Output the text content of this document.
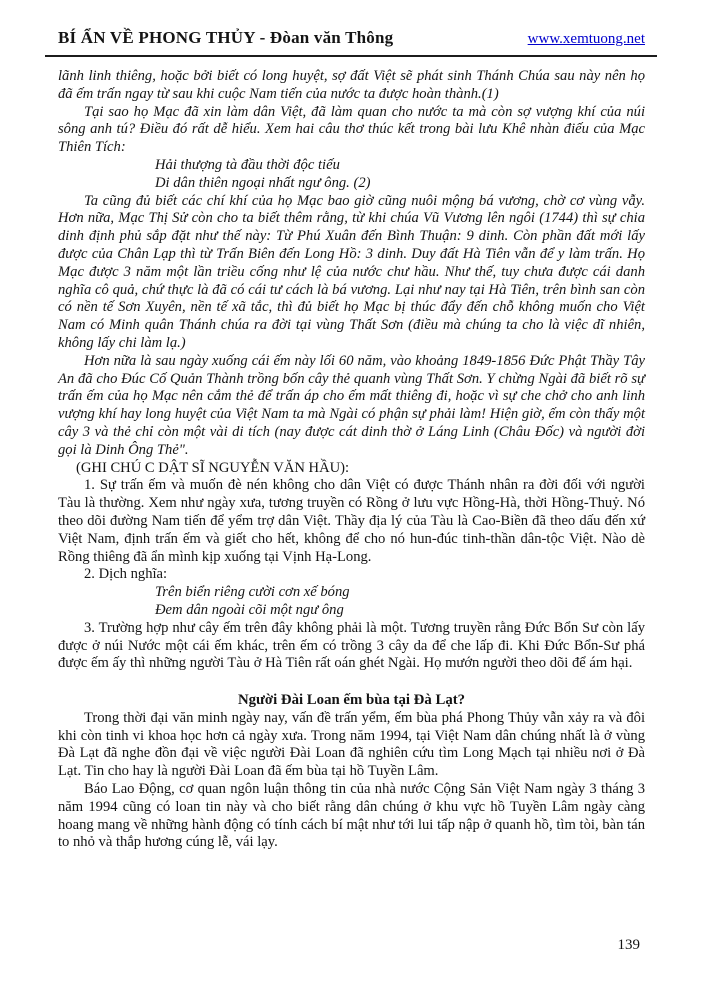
BÍ ẨN VỀ PHONG THỦY - Đòan văn Thông	www.xemtuong.net

lãnh linh thiêng, hoặc bởi biết có long huyệt, sợ đất Việt sẽ phát sinh Thánh Chúa sau này nên họ đã ếm trấn ngay từ sau khi cuộc Nam tiến của nước ta được hoàn thành.(1)

Tại sao họ Mạc đã xin làm dân Việt, đã làm quan cho nước ta mà còn sợ vượng khí của núi sông anh tú? Điều đó rất dễ hiểu. Xem hai câu thơ thúc kết trong bài lưu Khê nhàn điếu của Mạc Thiên Tích:

Hải thượng tà đầu thời độc tiếu
Di dân thiên ngoại nhất ngư ông. (2)

Ta cũng đủ biết các chí khí của họ Mạc bao giờ cũng nuôi mộng bá vương, chờ cơ vùng vẫy. Hơn nữa, Mạc Thị Sử còn cho ta biết thêm rằng, từ khi chúa Vũ Vương lên ngôi (1744) thì sự chia dinh định phủ sắp đặt như thế này: Từ Phú Xuân đến Bình Thuận: 9 dinh. Còn phần đất mới lấy được của Chân Lạp thì từ Trấn Biên đến Long Hồ: 3 dinh. Duy đất Hà Tiên vẫn để y làm trấn. Họ Mạc được 3 năm một lần triều cống như lệ của nước chư hầu. Như thế, tuy chưa được cái danh nghĩa cô quả, chứ thực là đã có cái tư cách là bá vương. Lại như nay tại Hà Tiên, trên bình san còn có nền tế Sơn Xuyên, nền tế xã tắc, thì đủ biết họ Mạc bị thúc đẩy đến chỗ không muốn cho Việt Nam có Minh quân Thánh chúa ra đời tại vùng Thất Sơn (điều mà chúng ta cho là việc dĩ nhiên, không lấy chi làm lạ.)

Hơn nữa là sau ngày xuống cái ếm này lối 60 năm, vào khoảng 1849-1856 Đức Phật Thầy Tây An đã cho Đúc Cố Quản Thành trồng bốn cây thẻ quanh vùng Thất Sơn. Y chừng Ngài đã biết rõ sự trấn ếm của họ Mạc nên cắm thẻ để trấn áp cho ếm mất thiêng đi, hoặc vì sự che chở cho anh linh vượng khí hay long huyệt của Việt Nam ta mà Ngài có phận sự phải làm! Hiện giờ, ếm còn thấy một cây 3 và thẻ chỉ còn một vài di tích (nay được cát dinh thờ ở Láng Linh (Châu Đốc) và người đời gọi là Dinh Ông Thẻ".

(GHI CHÚ C DẬT SĨ NGUYỄN VĂN HẦU):

1. Sự trấn ếm và muốn đè nén không cho dân Việt có được Thánh nhân ra đời đối với người Tàu là thường. Xem như ngày xưa, tương truyền có Rồng ở lưu vực Hồng-Hà, thời Hồng-Thuỷ. Nó theo dõi đường Nam tiến để yểm trợ dân Việt. Thầy địa lý của Tàu là Cao-Biền đã theo dấu đến xứ Việt Nam, định trấn ếm và giết cho hết, không để cho nó hun-đúc tinh-thần dân-tộc Việt. Nào dè Rồng thiêng đã ẩn mình kịp xuống tại Vịnh Hạ-Long.

2. Dịch nghĩa:

Trên biển riêng cười cơn xế bóng
Đem dân ngoài cõi một ngư ông

3. Trường hợp như cây ếm trên đây không phải là một. Tương truyền rằng Đức Bổn Sư còn lấy được ở núi Nước một cái ếm khác, trên ếm có trồng 3 cây da để che lấp đi. Khi Đức Bổn-Sư phá được ếm ấy thì những người Tàu ở Hà Tiên rất oán ghét Ngài. Họ mướn người theo dõi để ám hại.

Người Đài Loan ếm bùa tại Đà Lạt?

Trong thời đại văn minh ngày nay, vấn đề trấn yểm, ếm bùa phá Phong Thủy vẫn xảy ra và đôi khi còn tinh vi khoa học hơn cả ngày xưa. Trong năm 1994, tại Việt Nam dân chúng nhất là ở vùng Đà Lạt đã nghe đồn đại về việc người Đài Loan đã nghiên cứu tìm Long Mạch tại nhiều nơi ở Đà Lạt. Tin cho hay là người Đài Loan đã ếm bùa tại hồ Tuyền Lâm.

Báo Lao Động, cơ quan ngôn luận thông tin của nhà nước Cộng Sản Việt Nam ngày 3 tháng 3 năm 1994 cũng có loan tin này và cho biết rằng dân chúng ở khu vực hồ Tuyền Lâm ngày càng hoang mang về những hành động có tính cách bí mật như tới lui tấp nập ở quanh hồ, tìm tòi, bàn tán to nhỏ và thắp hương cúng lễ, vái lạy.

139
